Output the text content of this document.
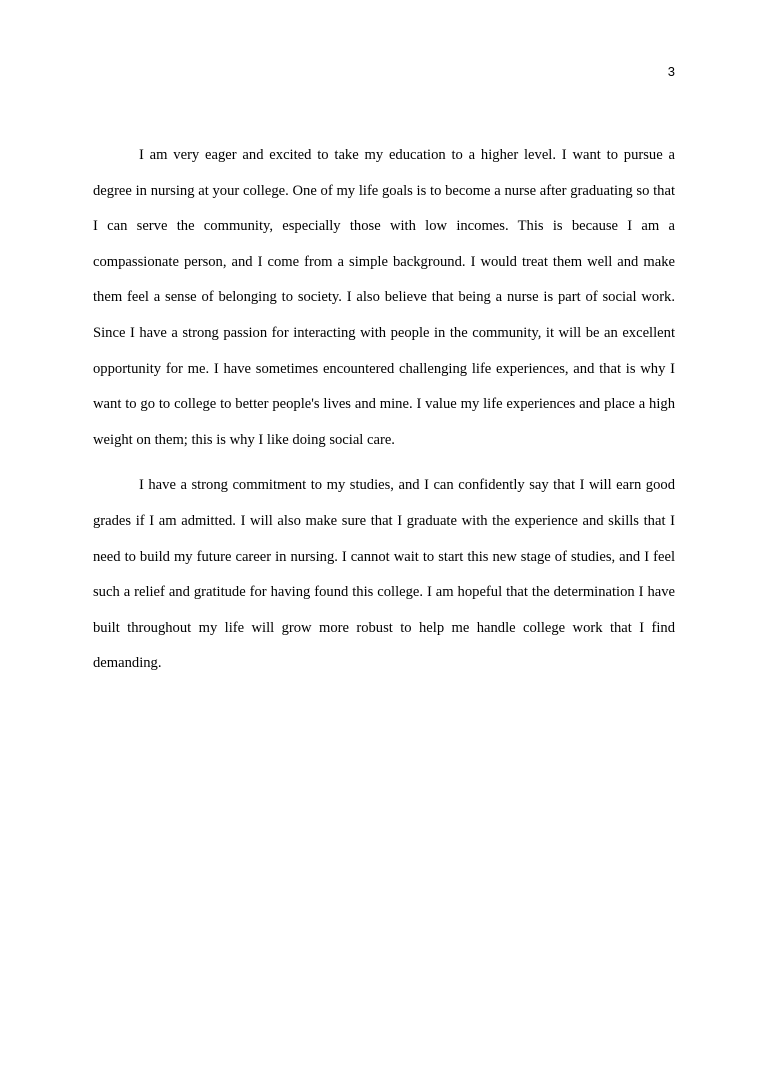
3

I am very eager and excited to take my education to a higher level. I want to pursue a degree in nursing at your college. One of my life goals is to become a nurse after graduating so that I can serve the community, especially those with low incomes. This is because I am a compassionate person, and I come from a simple background. I would treat them well and make them feel a sense of belonging to society. I also believe that being a nurse is part of social work. Since I have a strong passion for interacting with people in the community, it will be an excellent opportunity for me. I have sometimes encountered challenging life experiences, and that is why I want to go to college to better people's lives and mine. I value my life experiences and place a high weight on them; this is why I like doing social care.

I have a strong commitment to my studies, and I can confidently say that I will earn good grades if I am admitted. I will also make sure that I graduate with the experience and skills that I need to build my future career in nursing. I cannot wait to start this new stage of studies, and I feel such a relief and gratitude for having found this college. I am hopeful that the determination I have built throughout my life will grow more robust to help me handle college work that I find demanding.
